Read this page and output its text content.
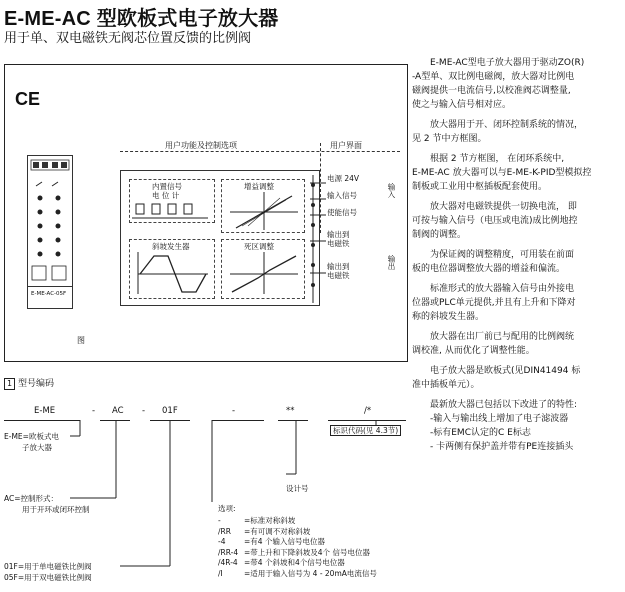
E-ME-AC 型欧板式电子放大器
用于单、双电磁铁无阀芯位置反馈的比例阀
CE
E-ME-AC-05F
图
用户功能及控制选项	用户界面
内置信号
电 位 计
增益调整
斜坡发生器	死区调整
电源 24V
输入信号
使能信号
输出到
电磁铁
输出到
电磁铁
输入
输出
1 型号编码
E-ME	- AC - 01F	-	**	/*
标识代码(见 4.3节)
E-ME=欧板式电
子放大器
AC=控制形式：
用于开环或闭环控制
设计号
01F=用于单电磁铁比例阀
05F=用于双电磁铁比例阀
选项:
-	=标准对称斜坡
/RR =有可调不对称斜坡
-4 =有4 个输入信号电位器
/RR-4 =带上升和下降斜坡及4个 信号电位器
/4R-4 =带4 个斜坡和4个信号电位器
/I	=适用于输入信号为 4 - 20mA电流信号
E-ME-AC型电子放大器用于驱动ZO(R)
-A型单、双比例电磁阀，放大器对比例电
磁阀提供一电流信号,以校准阀芯调整量,
使之与输入信号相对应。
放大器用于开、闭环控制系统的情况，
见 2 节中方框图。
根据 2 节方框图， 在闭环系统中,
E-ME-AC 放大器可以与E-ME-K-PID型模拟控
制板或工业用中枢插板配套使用。
放大器对电磁铁提供一切换电流， 即
可按与输入信号（电压或电流)成比例地控
制阀的调整。
为保证阀的调整精度，可用装在前面
板的电位器调整放大器的增益和偏流。
标准形式的放大器输入信号由外接电
位器或PLC单元提供,并且有上升和下降对
称的斜坡发生器。
放大器在出厂前已与配用的比例阀统
调校准, 从而优化了调整性能。
电子放大器是欧板式(见DIN41494 标
准中插板单元）。
最新放大器已包括以下改进了的特性:
-输入与输出线上增加了电子滤波器
-标有EMC认定的C E标志
- 卡两侧有保护盖并带有PE连接插头
